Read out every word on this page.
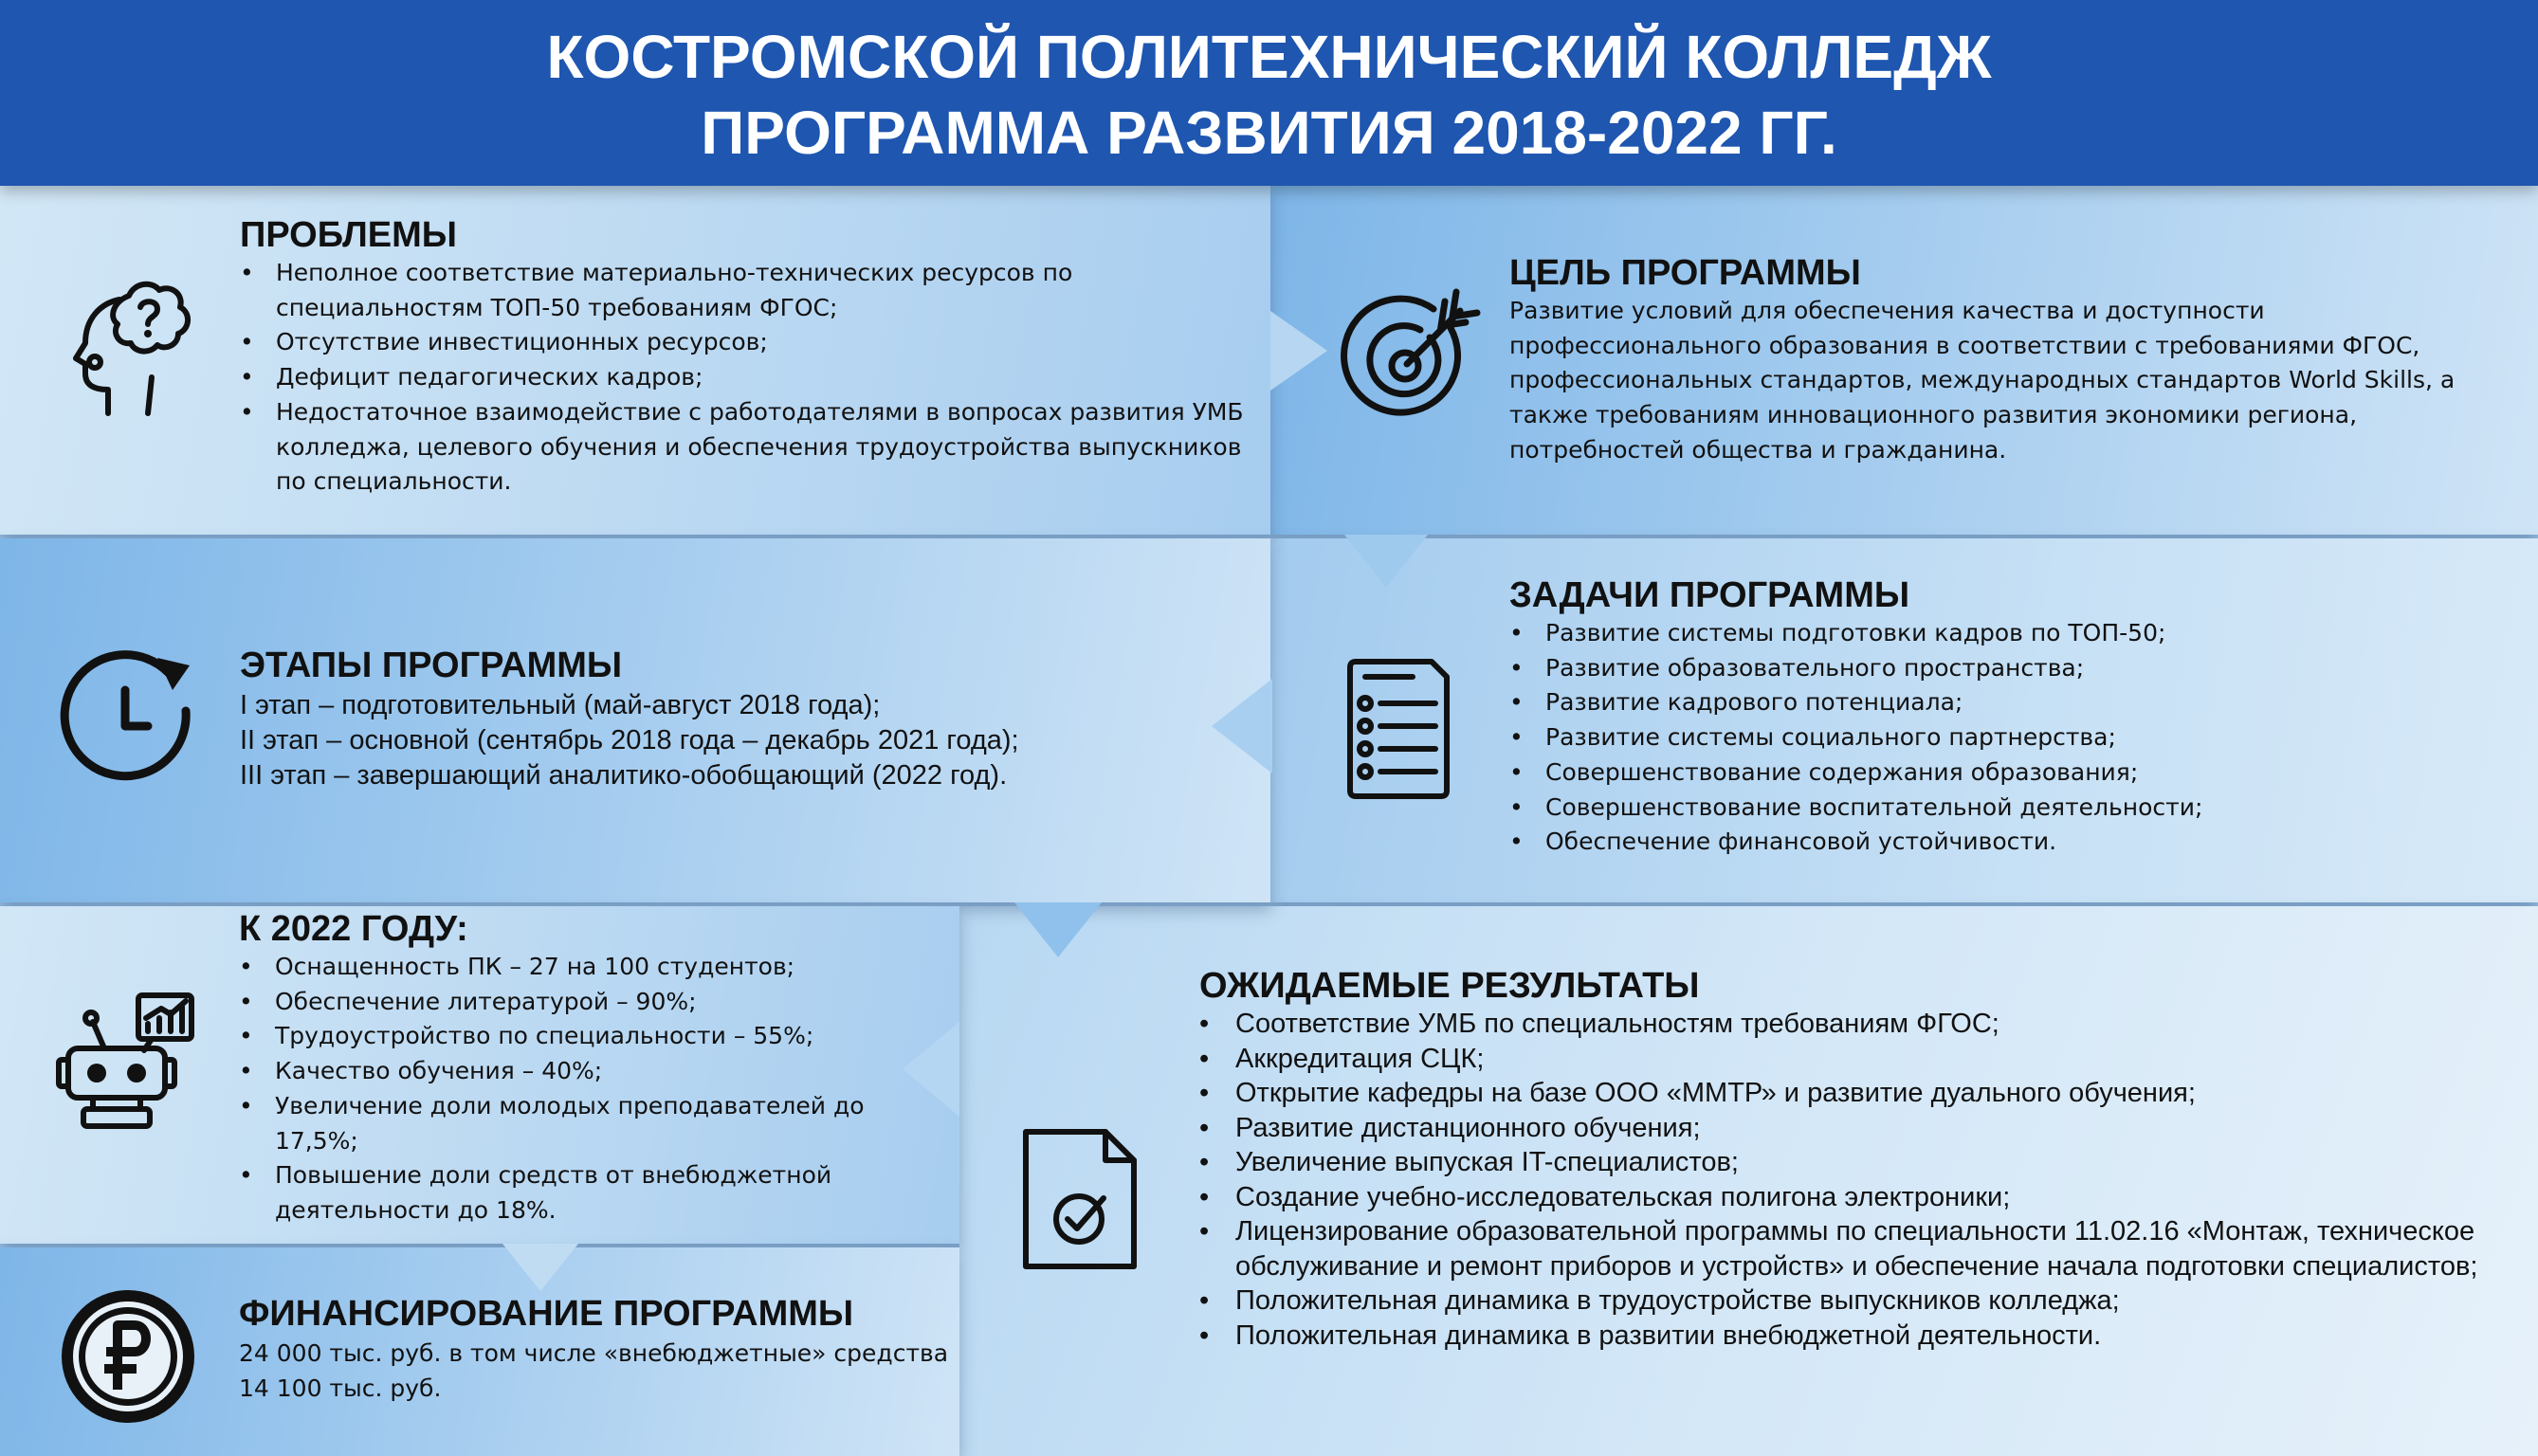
КОСТРОМСКОЙ ПОЛИТЕХНИЧЕСКИЙ КОЛЛЕДЖ
ПРОГРАММА РАЗВИТИЯ 2018-2022 ГГ.
ПРОБЛЕМЫ
• Неполное соответствие материально-технических ресурсов по специальностям ТОП-50 требованиям ФГОС;
• Отсутствие инвестиционных ресурсов;
• Дефицит педагогических кадров;
• Недостаточное взаимодействие с работодателями в вопросах развития УМБ колледжа, целевого обучения и обеспечения трудоустройства выпускников по специальности.
ЦЕЛЬ ПРОГРАММЫ
Развитие условий для обеспечения качества и доступности профессионального образования в соответствии с требованиями ФГОС, профессиональных стандартов, международных стандартов World Skills, а также требованиям инновационного развития экономики региона, потребностей общества и гражданина.
ЭТАПЫ ПРОГРАММЫ
I этап – подготовительный (май-август 2018 года);
II этап – основной (сентябрь 2018 года – декабрь 2021 года);
III этап – завершающий аналитико-обобщающий (2022 год).
ЗАДАЧИ ПРОГРАММЫ
• Развитие системы подготовки кадров по ТОП-50;
• Развитие образовательного пространства;
• Развитие кадрового потенциала;
• Развитие системы социального партнерства;
• Совершенствование содержания образования;
• Совершенствование воспитательной деятельности;
• Обеспечение финансовой устойчивости.
К 2022 ГОДУ:
• Оснащенность ПК – 27 на 100 студентов;
• Обеспечение литературой – 90%;
• Трудоустройство по специальности – 55%;
• Качество обучения – 40%;
• Увеличение доли молодых преподавателей до 17,5%;
• Повышение доли средств от внебюджетной деятельности до 18%.
ФИНАНСИРОВАНИЕ ПРОГРАММЫ
24 000 тыс. руб. в том числе «внебюджетные» средства
14 100 тыс. руб.
ОЖИДАЕМЫЕ РЕЗУЛЬТАТЫ
• Соответствие УМБ по специальностям требованиям ФГОС;
• Аккредитация СЦК;
• Открытие кафедры на базе ООО «ММТР» и развитие дуального обучения;
• Развитие дистанционного обучения;
• Увеличение выпуская IT-специалистов;
• Создание учебно-исследовательская полигона электроники;
• Лицензирование образовательной программы по специальности 11.02.16 «Монтаж, техническое обслуживание и ремонт приборов и устройств» и обеспечение начала подготовки специалистов;
• Положительная динамика в трудоустройстве выпускников колледжа;
• Положительная динамика в развитии внебюджетной деятельности.
